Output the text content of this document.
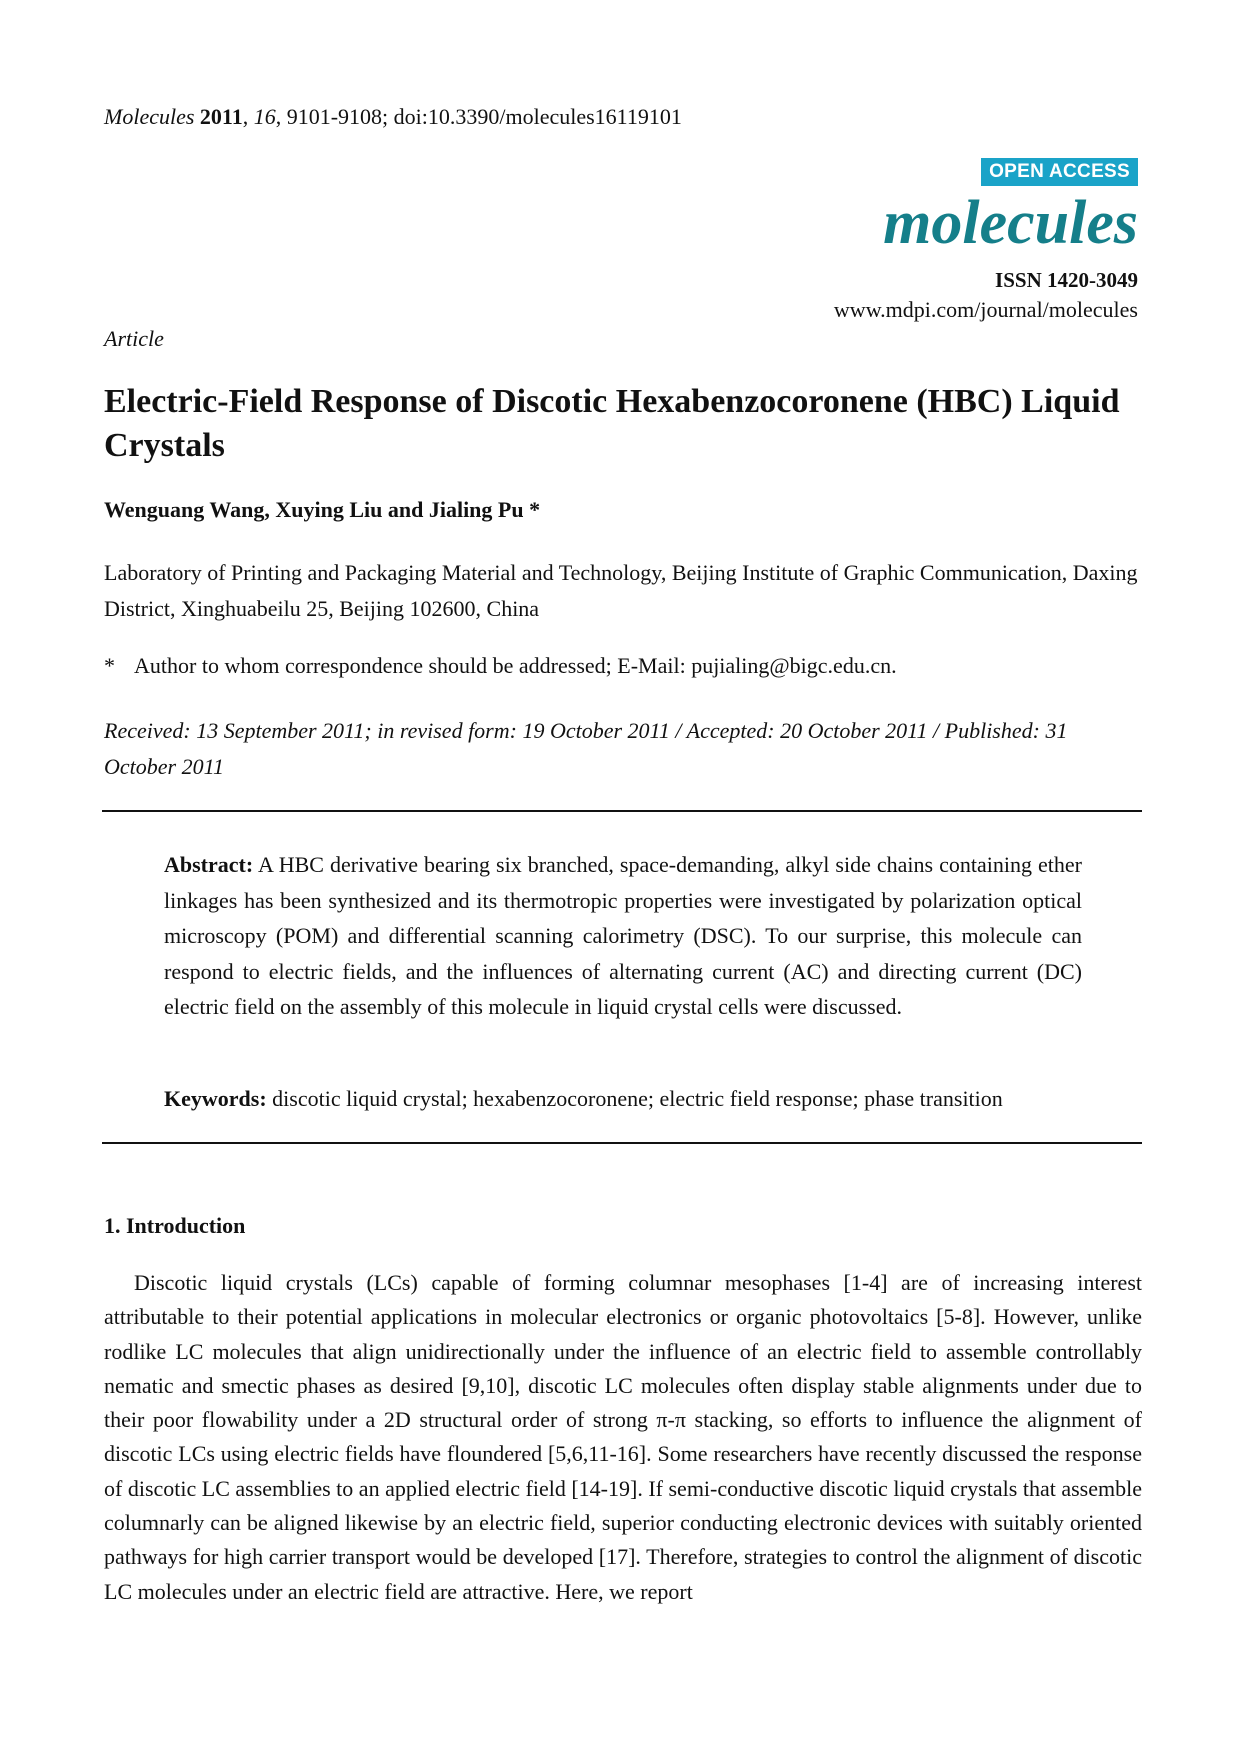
Molecules 2011, 16, 9101-9108; doi:10.3390/molecules16119101
OPEN ACCESS
molecules
ISSN 1420-3049
www.mdpi.com/journal/molecules
Article
Electric-Field Response of Discotic Hexabenzocoronene (HBC) Liquid Crystals
Wenguang Wang, Xuying Liu and Jialing Pu *
Laboratory of Printing and Packaging Material and Technology, Beijing Institute of Graphic Communication, Daxing District, Xinghuabeilu 25, Beijing 102600, China
* Author to whom correspondence should be addressed; E-Mail: pujialing@bigc.edu.cn.
Received: 13 September 2011; in revised form: 19 October 2011 / Accepted: 20 October 2011 / Published: 31 October 2011
Abstract: A HBC derivative bearing six branched, space-demanding, alkyl side chains containing ether linkages has been synthesized and its thermotropic properties were investigated by polarization optical microscopy (POM) and differential scanning calorimetry (DSC). To our surprise, this molecule can respond to electric fields, and the influences of alternating current (AC) and directing current (DC) electric field on the assembly of this molecule in liquid crystal cells were discussed.
Keywords: discotic liquid crystal; hexabenzocoronene; electric field response; phase transition
1. Introduction
Discotic liquid crystals (LCs) capable of forming columnar mesophases [1-4] are of increasing interest attributable to their potential applications in molecular electronics or organic photovoltaics [5-8]. However, unlike rodlike LC molecules that align unidirectionally under the influence of an electric field to assemble controllably nematic and smectic phases as desired [9,10], discotic LC molecules often display stable alignments under due to their poor flowability under a 2D structural order of strong π-π stacking, so efforts to influence the alignment of discotic LCs using electric fields have floundered [5,6,11-16]. Some researchers have recently discussed the response of discotic LC assemblies to an applied electric field [14-19]. If semi-conductive discotic liquid crystals that assemble columnarly can be aligned likewise by an electric field, superior conducting electronic devices with suitably oriented pathways for high carrier transport would be developed [17]. Therefore, strategies to control the alignment of discotic LC molecules under an electric field are attractive. Here, we report
